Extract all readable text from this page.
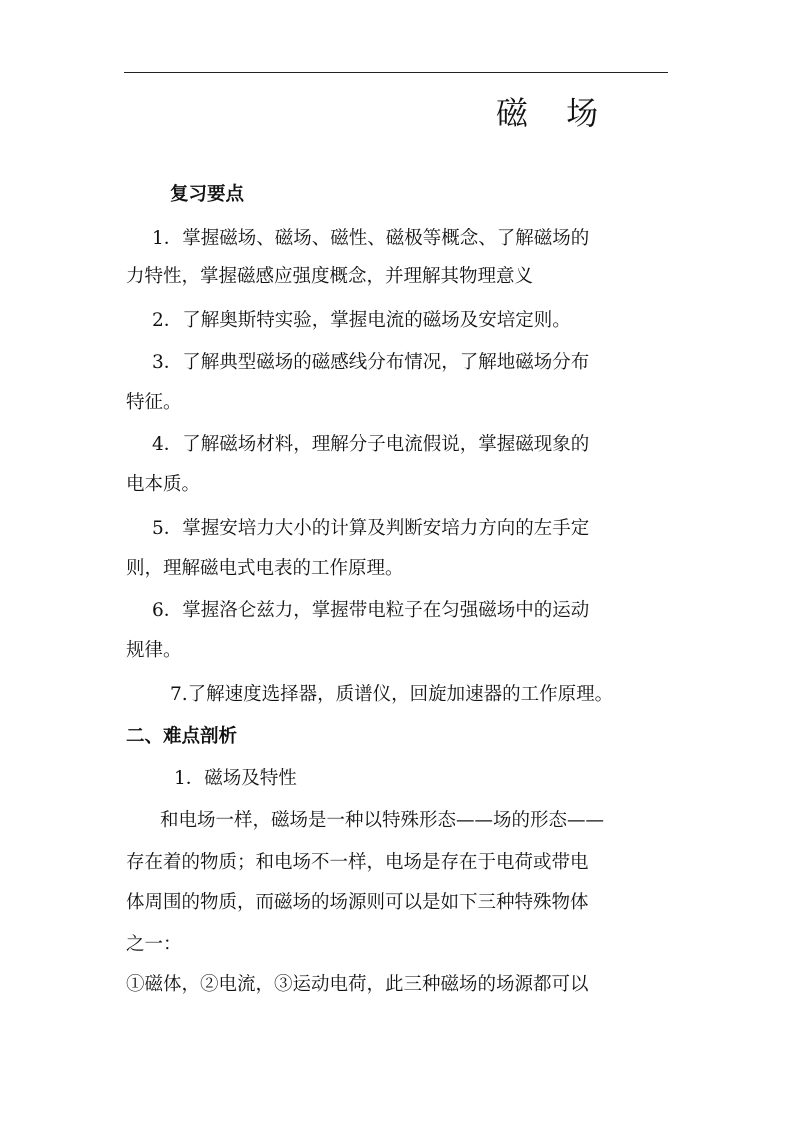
磁 场
复习要点
1．掌握磁场、磁场、磁性、磁极等概念、了解磁场的
力特性，掌握磁感应强度概念，并理解其物理意义
2．了解奥斯特实验，掌握电流的磁场及安培定则。
3．了解典型磁场的磁感线分布情况，了解地磁场分布
特征。
4．了解磁场材料，理解分子电流假说，掌握磁现象的
电本质。
5．掌握安培力大小的计算及判断安培力方向的左手定
则，理解磁电式电表的工作原理。
6．掌握洛仑兹力，掌握带电粒子在匀强磁场中的运动
规律。
7.了解速度选择器，质谱仪，回旋加速器的工作原理。
二、难点剖析
1．磁场及特性
和电场一样，磁场是一种以特殊形态——场的形态——
存在着的物质；和电场不一样，电场是存在于电荷或带电
体周围的物质，而磁场的场源则可以是如下三种特殊物体
之一：
①磁体，②电流，③运动电荷，此三种磁场的场源都可以
